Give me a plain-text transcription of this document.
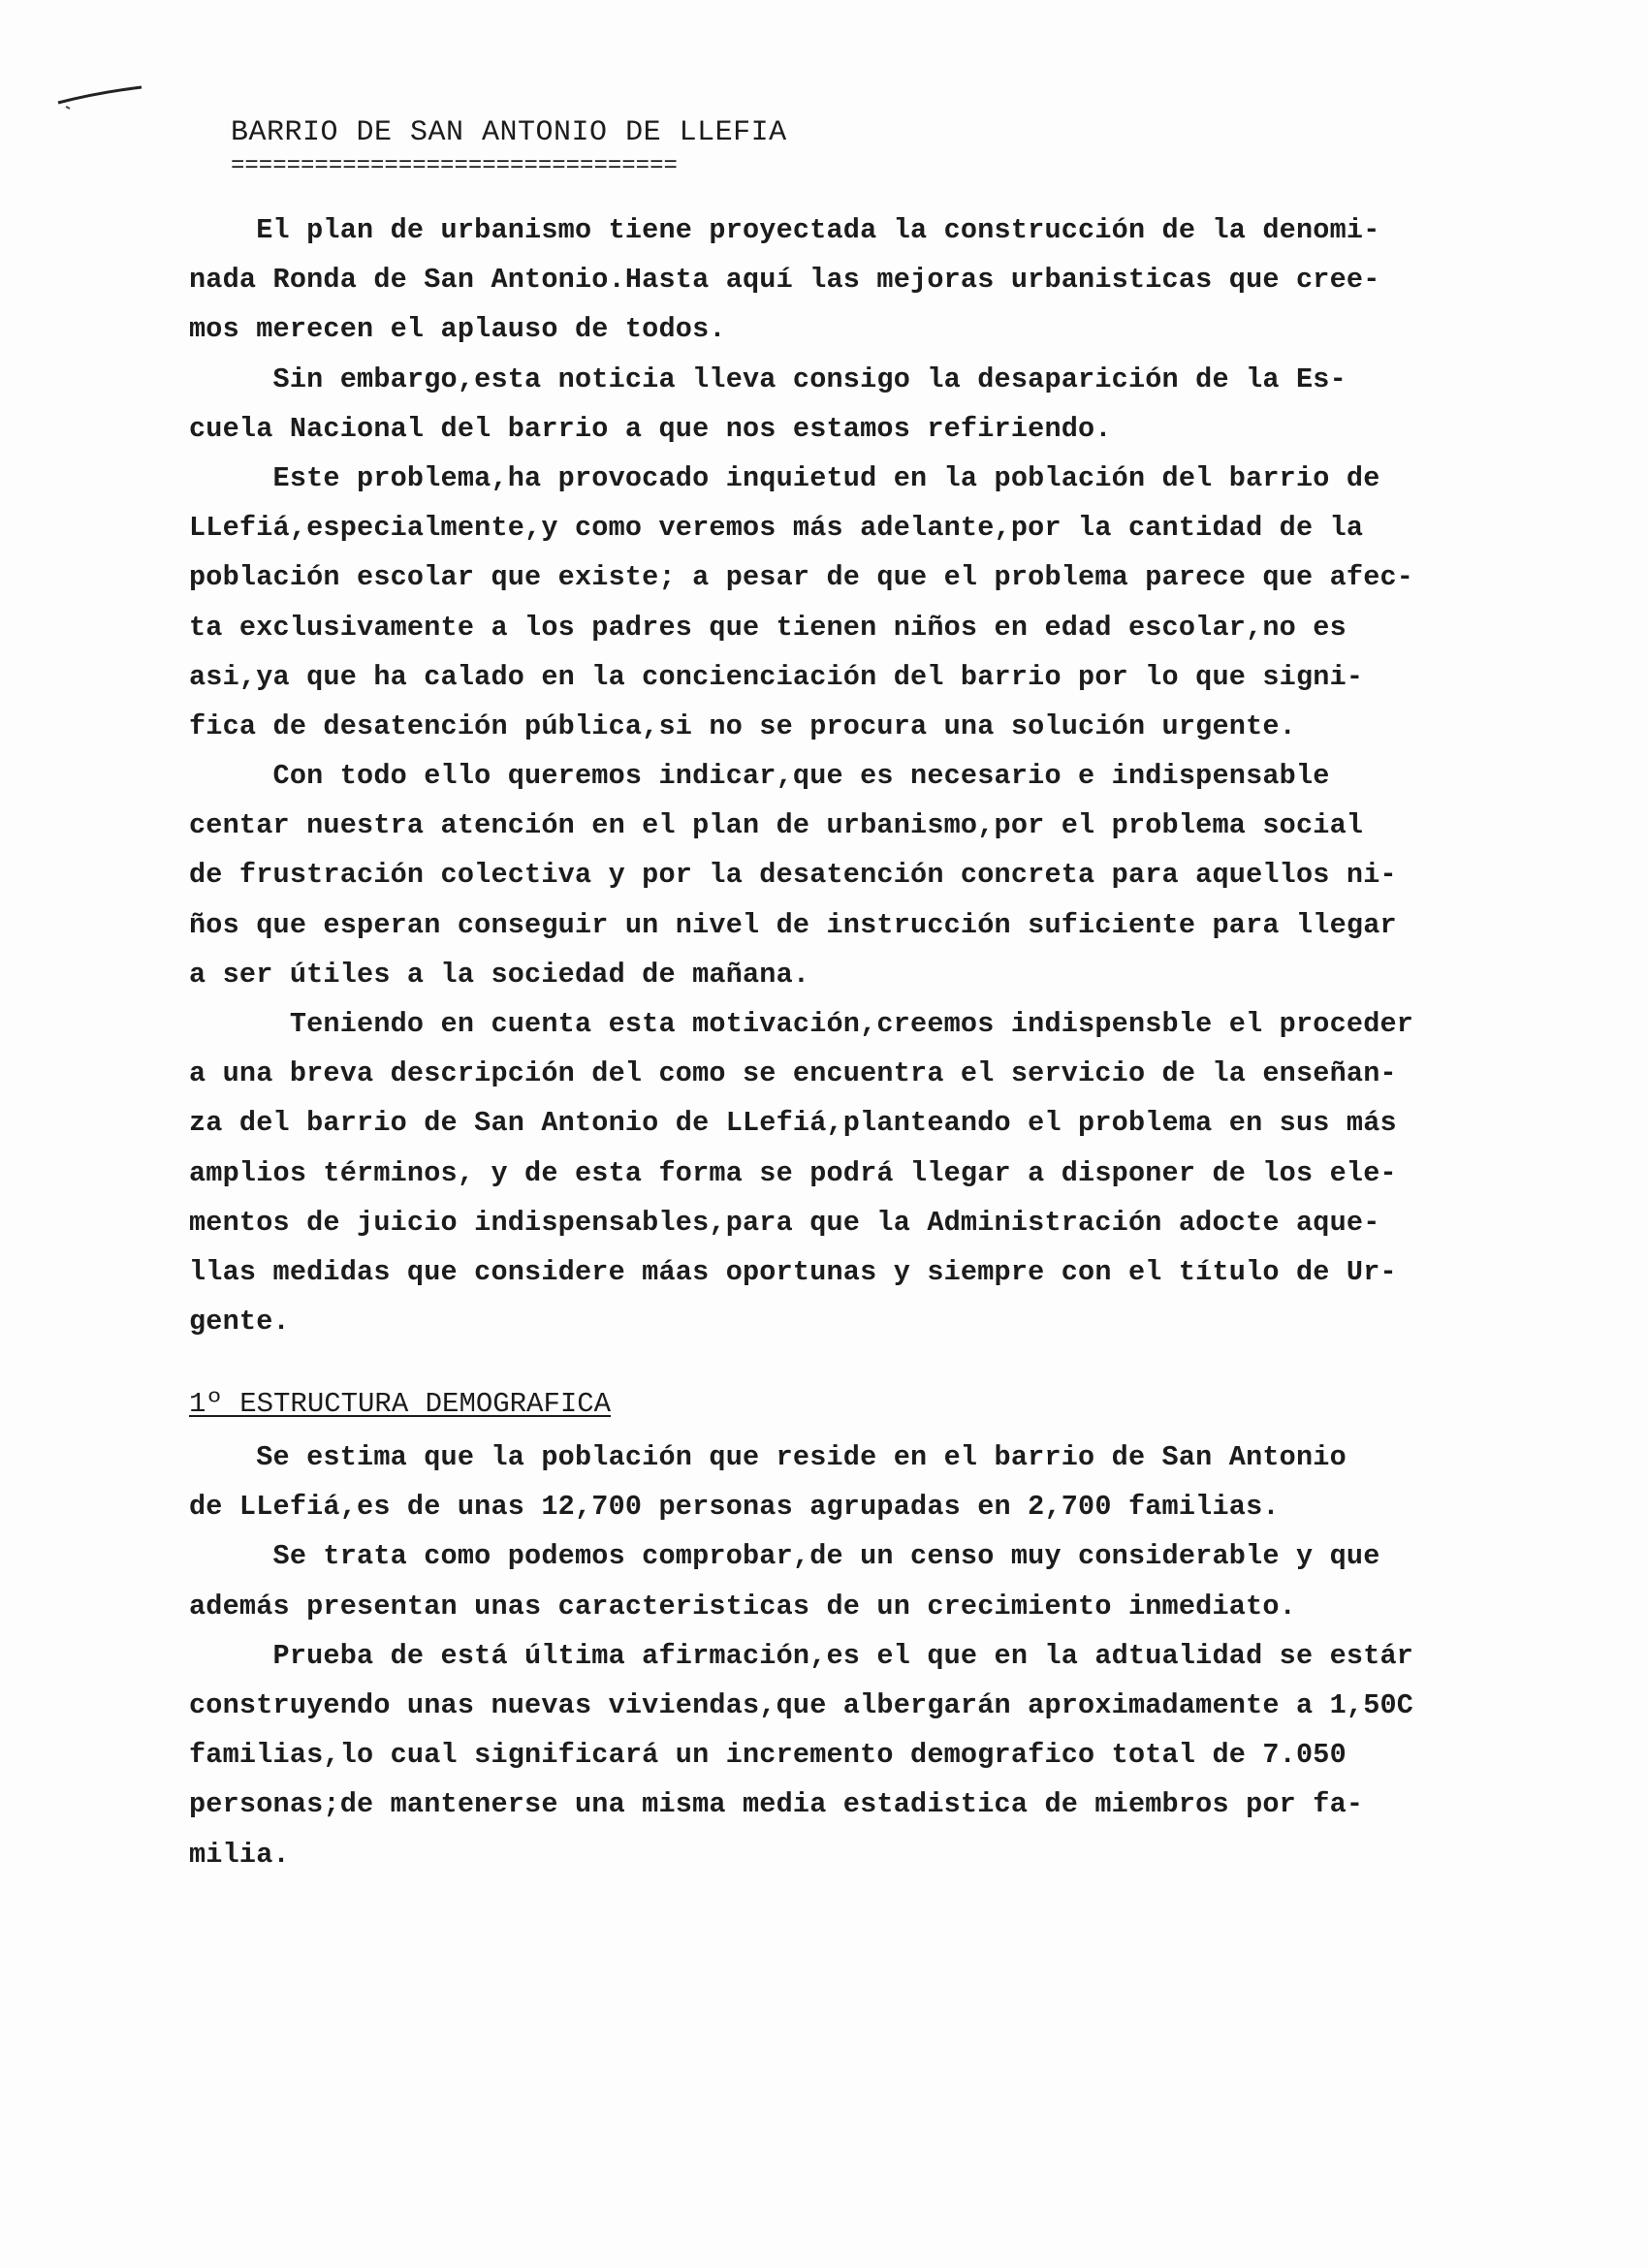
BARRIO DE SAN ANTONIO DE LLEFIA
================================
El plan de urbanismo tiene proyectada la construcción de la denomi-
nada Ronda de San Antonio.Hasta aquí las mejoras urbanisticas que cree-
mos merecen el aplauso de todos.
Sin embargo,esta noticia lleva consigo la desaparición de la Es-
cuela Nacional del barrio a que nos estamos refiriendo.
Este problema,ha provocado inquietud en la población del barrio de
LLefiá,especialmente,y como veremos más adelante,por la cantidad de la
población escolar que existe; a pesar de que el problema parece que afec-
ta exclusivamente a los padres que tienen niños en edad escolar,no es
asi,ya que ha calado en la concienciación del barrio por lo que signi-
fica de desatención pública,si no se procura una solución urgente.
Con todo ello queremos indicar,que es necesario e indispensable
centar nuestra atención en el plan de urbanismo,por el problema social
de frustración colectiva y por la desatención concreta para aquellos ni-
ños que esperan conseguir un nivel de instrucción suficiente para llegar
a ser útiles a la sociedad de mañana.
Teniendo en cuenta esta motivación,creemos indispensble el proceder
a una breva descripción del como se encuentra el servicio de la enseñan-
za del barrio de San Antonio de LLefiá,planteando el problema en sus más
amplios términos, y de esta forma se podrá llegar a disponer de los ele-
mentos de juicio indispensables,para que la Administración adocte aque-
llas medidas que considere máas oportunas y siempre con el título de Ur-
gente.
1º ESTRUCTURA DEMOGRAFICA
Se estima que la población que reside en el barrio de San Antonio
de LLefiá,es de unas 12,700 personas agrupadas en 2,700 familias.
Se trata como podemos comprobar,de un censo muy considerable y que
además presentan unas caracteristicas de un crecimiento inmediato.
Prueba de está última afirmación,es el que en la adtualidad se estár
construyendo unas nuevas viviendas,que albergarán aproximadamente a 1,50C
familias,lo cual significará un incremento demografico total de 7.050
personas;de mantenerse una misma media estadistica de miembros por fa-
milia.
